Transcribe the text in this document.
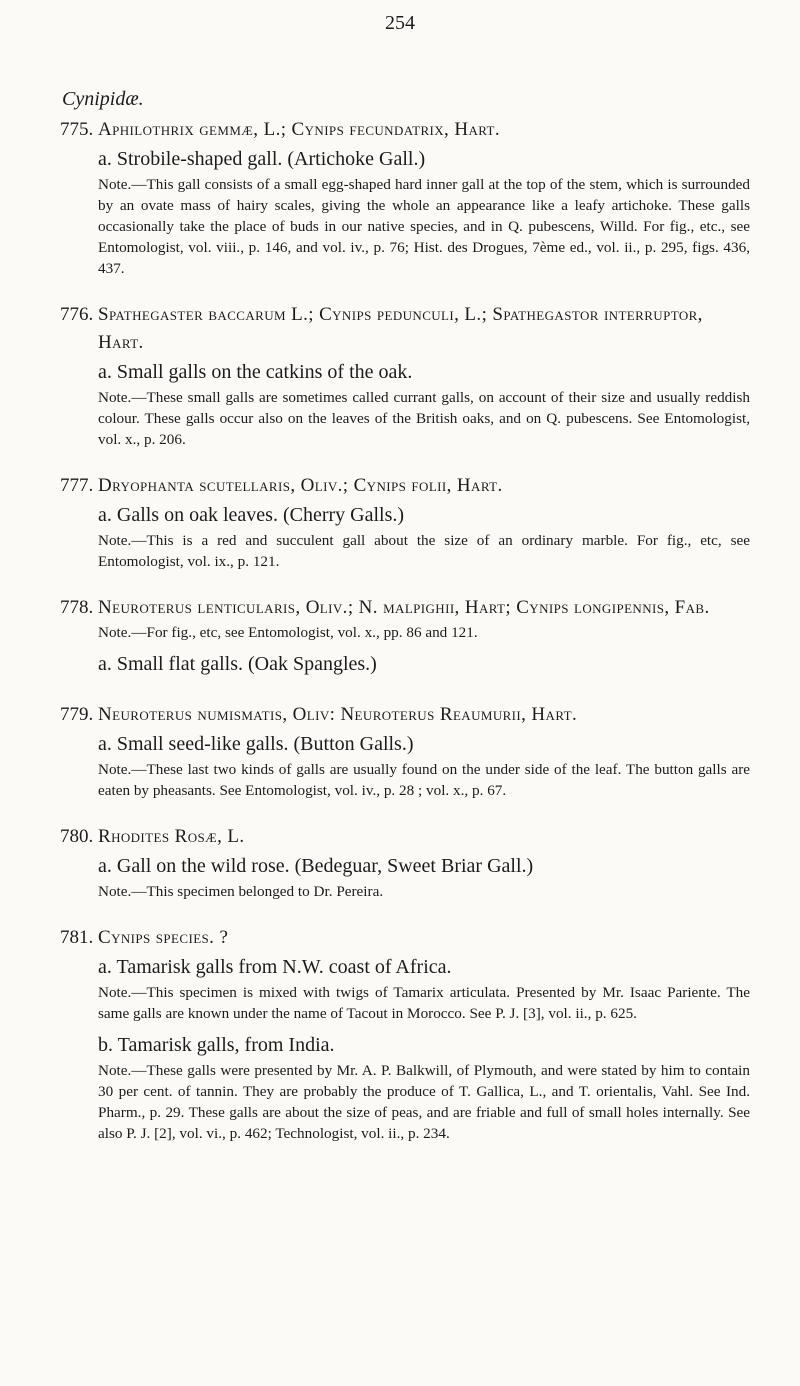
254
Cynipidæ.
775. Aphilothrix gemmæ, L.; Cynips fecundatrix, Hart.
a. Strobile-shaped gall. (Artichoke Gall.)
Note.—This gall consists of a small egg-shaped hard inner gall at the top of the stem, which is surrounded by an ovate mass of hairy scales, giving the whole an appearance like a leafy artichoke. These galls occasionally take the place of buds in our native species, and in Q. pubescens, Willd. For fig., etc., see Entomologist, vol. viii., p. 146, and vol. iv., p. 76; Hist. des Drogues, 7ème ed., vol. ii., p. 295, figs. 436, 437.
776. Spathegaster baccarum L.; Cynips pedunculi, L.; Spathegastor interruptor, Hart.
a. Small galls on the catkins of the oak.
Note.—These small galls are sometimes called currant galls, on account of their size and usually reddish colour. These galls occur also on the leaves of the British oaks, and on Q. pubescens. See Entomologist, vol. x., p. 206.
777. Dryophanta scutellaris, Oliv.; Cynips folii, Hart.
a. Galls on oak leaves. (Cherry Galls.)
Note.—This is a red and succulent gall about the size of an ordinary marble. For fig., etc, see Entomologist, vol. ix., p. 121.
778. Neuroterus lenticularis, Oliv.; N. malpighii, Hart; Cynips longipennis, Fab.
Note.—For fig., etc, see Entomologist, vol. x., pp. 86 and 121.
a. Small flat galls. (Oak Spangles.)
779. Neuroterus numismatis, Oliv: Neuroterus Reaumurii, Hart.
a. Small seed-like galls. (Button Galls.)
Note.—These last two kinds of galls are usually found on the under side of the leaf. The button galls are eaten by pheasants. See Entomologist, vol. iv., p. 28 ; vol. x., p. 67.
780. Rhodites Rosæ, L.
a. Gall on the wild rose. (Bedeguar, Sweet Briar Gall.)
Note.—This specimen belonged to Dr. Pereira.
781. Cynips species. ?
a. Tamarisk galls from N.W. coast of Africa.
Note.—This specimen is mixed with twigs of Tamarix articulata. Presented by Mr. Isaac Pariente. The same galls are known under the name of Tacout in Morocco. See P. J. [3], vol. ii., p. 625.
b. Tamarisk galls, from India.
Note.—These galls were presented by Mr. A. P. Balkwill, of Plymouth, and were stated by him to contain 30 per cent. of tannin. They are probably the produce of T. Gallica, L., and T. orientalis, Vahl. See Ind. Pharm., p. 29. These galls are about the size of peas, and are friable and full of small holes internally. See also P. J. [2], vol. vi., p. 462; Technologist, vol. ii., p. 234.
